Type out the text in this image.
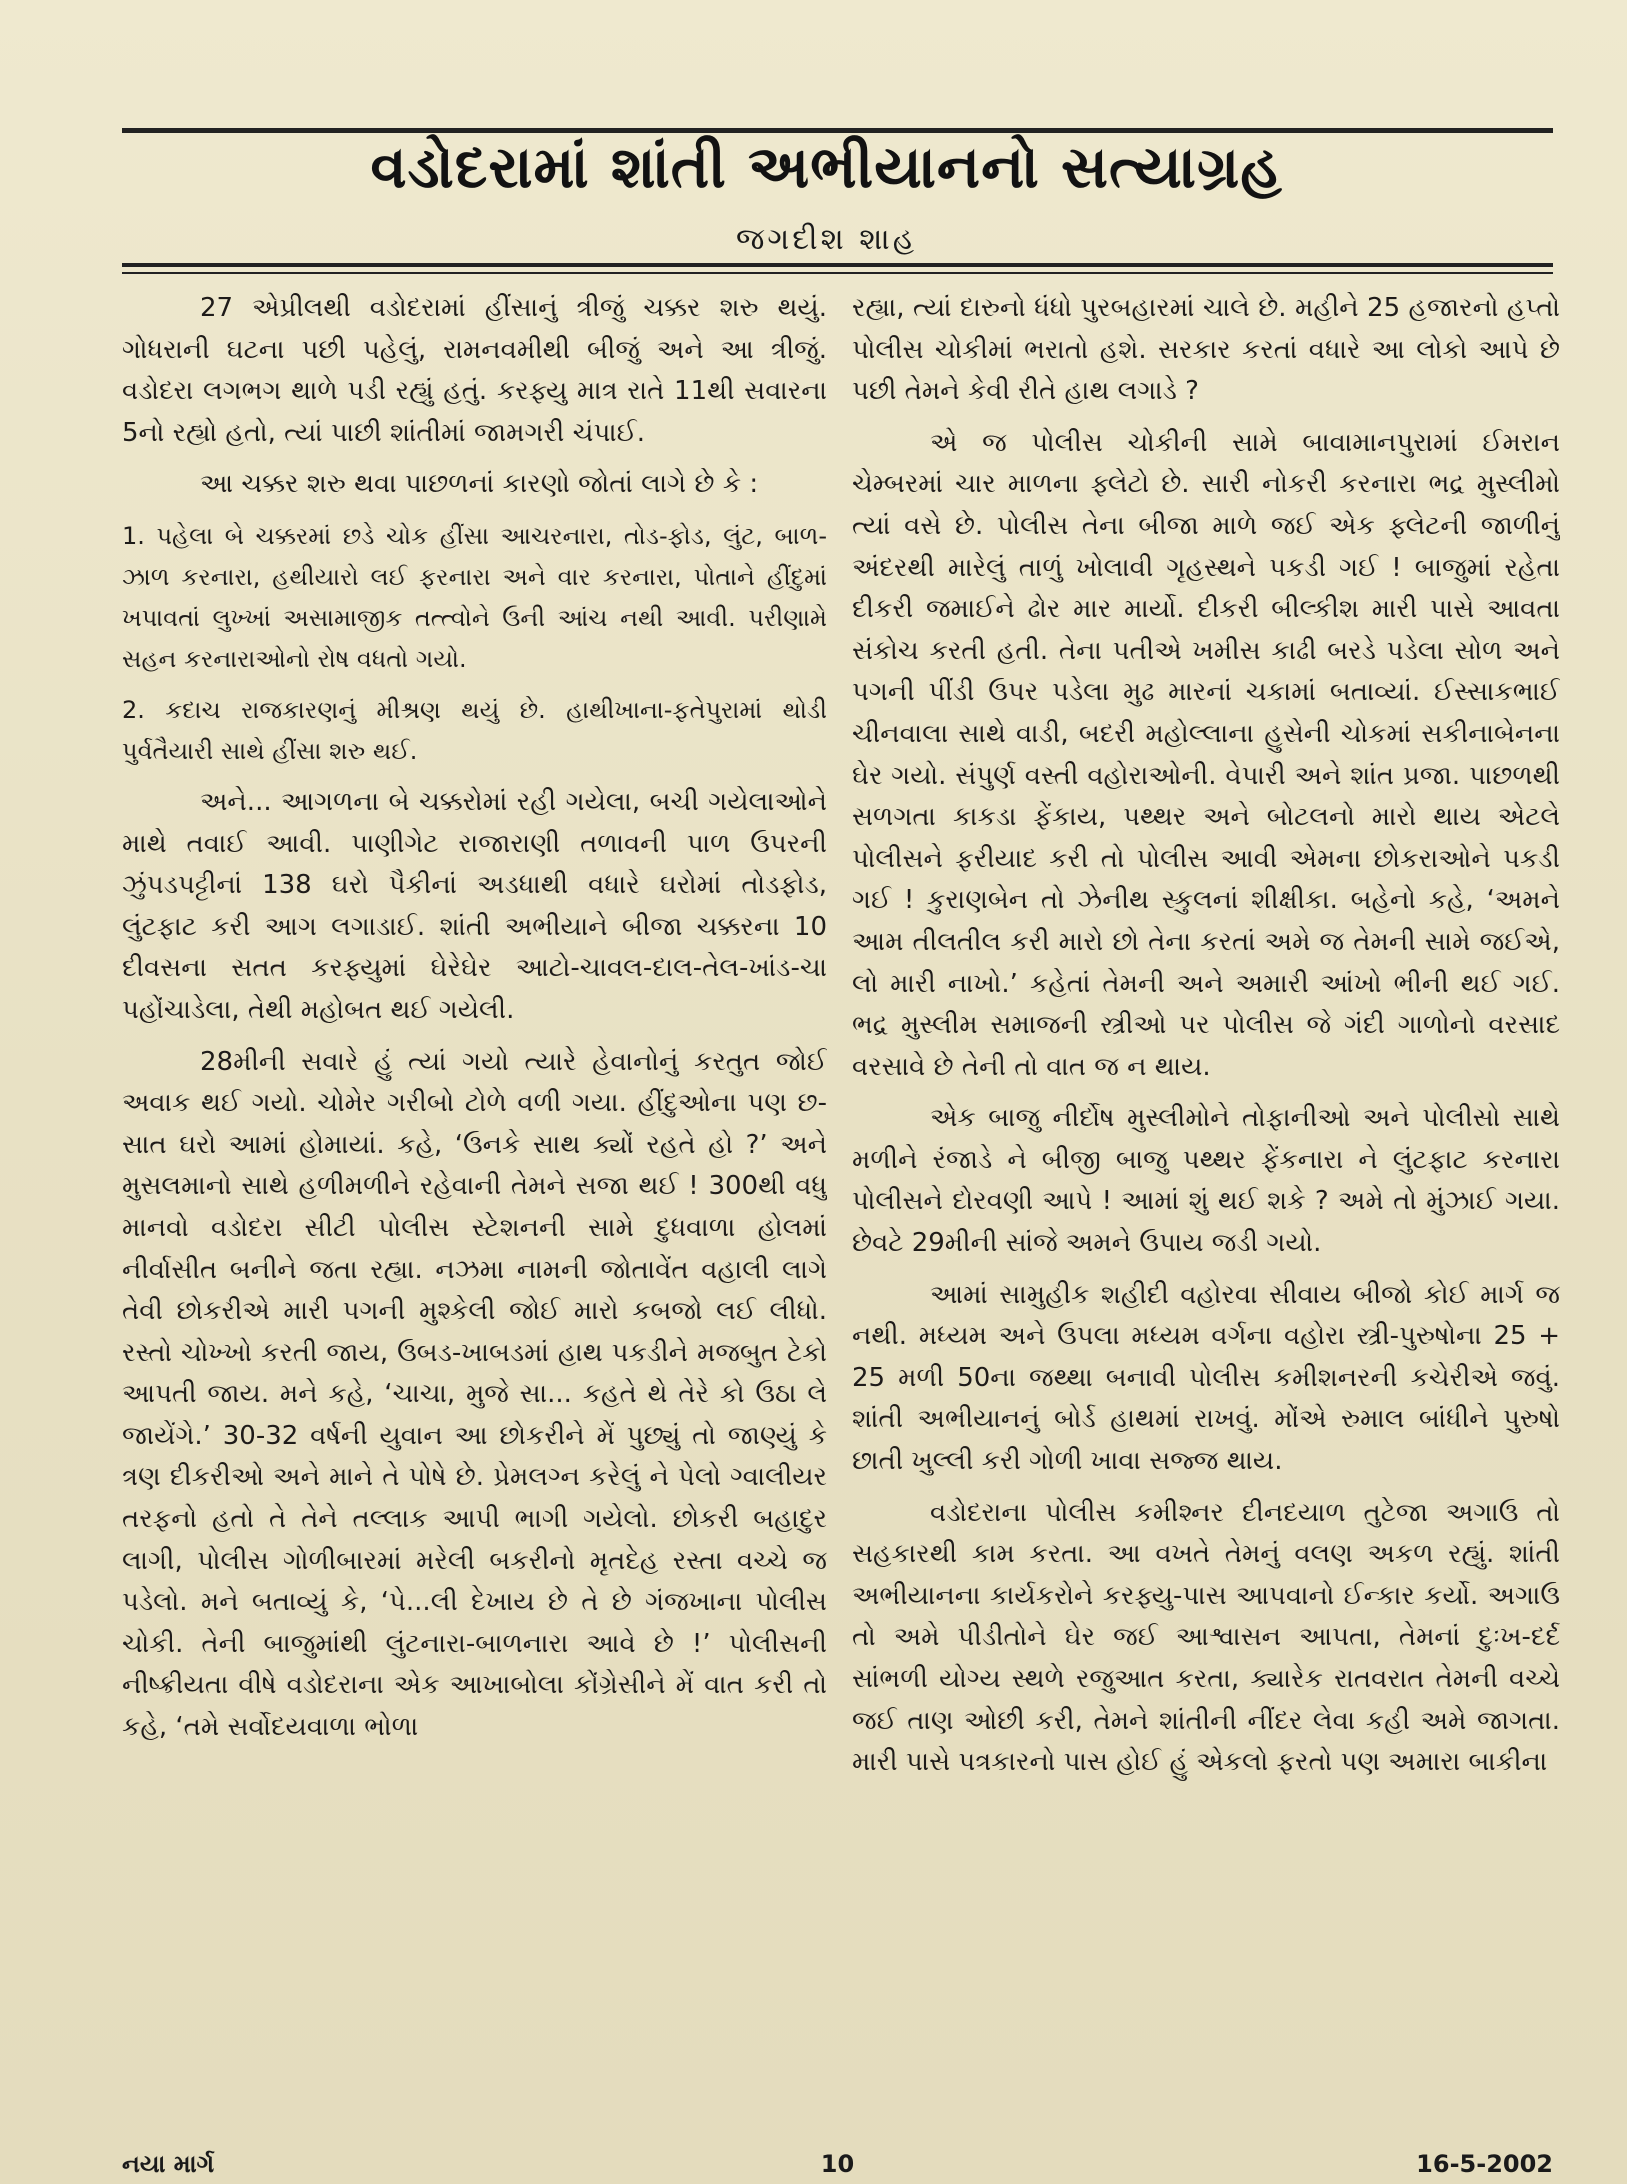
વડોદરામાં શાંતી અભીયાનનો સત્યાગ્રહ
જગદીશ શાહ

27 એપ્રીલથી વડોદરામાં હીંસાનું ત્રીજું ચક્કર શરુ થયું. ગોધરાની ઘટના પછી પહેલું, રામનવમીથી બીજું અને આ ત્રીજું. વડોદરા લગભગ થાળે પડી રહ્યું હતું. કરફ્યુ માત્ર રાતે 11થી સવારના 5નો રહ્યો હતો, ત્યાં પાછી શાંતીમાં જામગરી ચંપાઈ.

આ ચક્કર શરુ થવા પાછળનાં કારણો જોતાં લાગે છે કે :

1. પહેલા બે ચક્કરમાં છડે ચોક હીંસા આચરનારા, તોડ-ફોડ, લુંટ, બાળ-ઝાળ કરનારા, હથીયારો લઈ ફરનારા અને વાર કરનારા, પોતાને હીંદુમાં ખપાવતાં લુખ્ખાં અસામાજીક તત્ત્વોને ઉની આંચ નથી આવી. પરીણામે સહન કરનારાઓનો રોષ વધતો ગયો.

2. કદાચ રાજકારણનું મીશ્રણ થયું છે. હાથીખાના-ફતેપુરામાં થોડી પુર્વતૈયારી સાથે હીંસા શરુ થઈ.

અને... આગળના બે ચક્કરોમાં રહી ગયેલા, બચી ગયેલાઓને માથે તવાઈ આવી. પાણીગેટ રાજારાણી તળાવની પાળ ઉપરની ઝુંપડપટ્ટીનાં 138 ઘરો પૈકીનાં અડધાથી વધારે ઘરોમાં તોડફોડ, લુંટફાટ કરી આગ લગાડાઈ. શાંતી અભીયાને બીજા ચક્કરના 10 દીવસના સતત કરફ્યુમાં ઘેરેઘેર આટો-ચાવલ-દાલ-તેલ-ખાંડ-ચા પહોંચાડેલા, તેથી મહોબત થઈ ગયેલી.

28મીની સવારે હું ત્યાં ગયો ત્યારે હેવાનોનું કરતુત જોઈ અવાક થઈ ગયો. ચોમેર ગરીબો ટોળે વળી ગયા. હીંદુઓના પણ છ-સાત ઘરો આમાં હોમાયાં. કહે, ‘ઉનકે સાથ ક્યોં રહતે હો ?’ અને મુસલમાનો સાથે હળીમળીને રહેવાની તેમને સજા થઈ ! 300થી વધુ માનવો વડોદરા સીટી પોલીસ સ્ટેશનની સામે દુધવાળા હોલમાં નીર્વાસીત બનીને જતા રહ્યા. નઝમા નામની જોતાવેંત વહાલી લાગે તેવી છોકરીએ મારી પગની મુશ્કેલી જોઈ મારો કબજો લઈ લીધો. રસ્તો ચોખ્ખો કરતી જાય, ઉબડ-ખાબડમાં હાથ પકડીને મજબુત ટેકો આપતી જાય. મને કહે, ‘ચાચા, મુજે સા... કહતે થે તેરે કો ઉઠા લે જાયેંગે.’ 30-32 વર્ષની યુવાન આ છોકરીને મેં પુછ્યું તો જાણ્યું કે ત્રણ દીકરીઓ અને માને તે પોષે છે. પ્રેમલગ્ન કરેલું ને પેલો ગ્વાલીયર તરફનો હતો તે તેને તલ્લાક આપી ભાગી ગયેલો. છોકરી બહાદુર લાગી, પોલીસ ગોળીબારમાં મરેલી બકરીનો મૃતદેહ રસ્તા વચ્ચે જ પડેલો. મને બતાવ્યું કે, ‘પે...લી દેખાય છે તે છે ગંજખાના પોલીસ ચોકી. તેની બાજુમાંથી લુંટનારા-બાળનારા આવે છે !’ પોલીસની નીષ્ક્રીયતા વીષે વડોદરાના એક આખાબોલા કોંગ્રેસીને મેં વાત કરી તો કહે, ‘તમે સર્વોદયવાળા ભોળા

રહ્યા, ત્યાં દારુનો ધંધો પુરબહારમાં ચાલે છે. મહીને 25 હજારનો હપ્તો પોલીસ ચોકીમાં ભરાતો હશે. સરકાર કરતાં વધારે આ લોકો આપે છે પછી તેમને કેવી રીતે હાથ લગાડે ?

એ જ પોલીસ ચોકીની સામે બાવામાનપુરામાં ઈમરાન ચેમ્બરમાં ચાર માળના ફ્લેટો છે. સારી નોકરી કરનારા ભદ્ર મુસ્લીમો ત્યાં વસે છે. પોલીસ તેના બીજા માળે જઈ એક ફ્લેટની જાળીનું અંદરથી મારેલું તાળું ખોલાવી ગૃહસ્થને પકડી ગઈ ! બાજુમાં રહેતા દીકરી જમાઈને ઢોર માર માર્યો. દીકરી બીલ્કીશ મારી પાસે આવતા સંકોચ કરતી હતી. તેના પતીએ ખમીસ કાઢી બરડે પડેલા સોળ અને પગની પીંડી ઉપર પડેલા મુઢ મારનાં ચકામાં બતાવ્યાં. ઈસ્સાકભાઈ ચીનવાલા સાથે વાડી, બદરી મહોલ્લાના હુસેની ચોકમાં સકીનાબેનના ઘેર ગયો. સંપુર્ણ વસ્તી વહોરાઓની. વેપારી અને શાંત પ્રજા. પાછળથી સળગતા કાકડા ફેંકાય, પથ્થર અને બોટલનો મારો થાય એટલે પોલીસને ફરીયાદ કરી તો પોલીસ આવી એમના છોકરાઓને પકડી ગઈ ! કુરાણબેન તો ઝેનીથ સ્કુલનાં શીક્ષીકા. બહેનો કહે, ‘અમને આમ તીલતીલ કરી મારો છો તેના કરતાં અમે જ તેમની સામે જઈએ, લો મારી નાખો.’ કહેતાં તેમની અને અમારી આંખો ભીની થઈ ગઈ. ભદ્ર મુસ્લીમ સમાજની સ્ત્રીઓ પર પોલીસ જે ગંદી ગાળોનો વરસાદ વરસાવે છે તેની તો વાત જ ન થાય.

એક બાજુ નીર્દોષ મુસ્લીમોને તોફાનીઓ અને પોલીસો સાથે મળીને રંજાડે ને બીજી બાજુ પથ્થર ફેંકનારા ને લુંટફાટ કરનારા પોલીસને દોરવણી આપે ! આમાં શું થઈ શકે ? અમે તો મુંઝાઈ ગયા. છેવટે 29મીની સાંજે અમને ઉપાય જડી ગયો.

આમાં સામુહીક શહીદી વહોરવા સીવાય બીજો કોઈ માર્ગ જ નથી. મધ્યમ અને ઉપલા મધ્યમ વર્ગના વહોરા સ્ત્રી-પુરુષોના 25 + 25 મળી 50ના જથ્થા બનાવી પોલીસ કમીશનરની કચેરીએ જવું. શાંતી અભીયાનનું બોર્ડ હાથમાં રાખવું. મોંએ રુમાલ બાંધીને પુરુષો છાતી ખુલ્લી કરી ગોળી ખાવા સજ્જ થાય.

વડોદરાના પોલીસ કમીશ્નર દીનદયાળ તુટેજા અગાઉ તો સહકારથી કામ કરતા. આ વખતે તેમનું વલણ અકળ રહ્યું. શાંતી અભીયાનના કાર્યકરોને કરફ્યુ-પાસ આપવાનો ઈન્કાર કર્યો. અગાઉ તો અમે પીડીતોને ઘેર જઈ આશ્વાસન આપતા, તેમનાં દુઃખ-દર્દ સાંભળી યોગ્ય સ્થળે રજુઆત કરતા, ક્યારેક રાતવરાત તેમની વચ્ચે જઈ તાણ ઓછી કરી, તેમને શાંતીની નીંદર લેવા કહી અમે જાગતા. મારી પાસે પત્રકારનો પાસ હોઈ હું એકલો ફરતો પણ અમારા બાકીના

નયા માર્ગ	10	16-5-2002
